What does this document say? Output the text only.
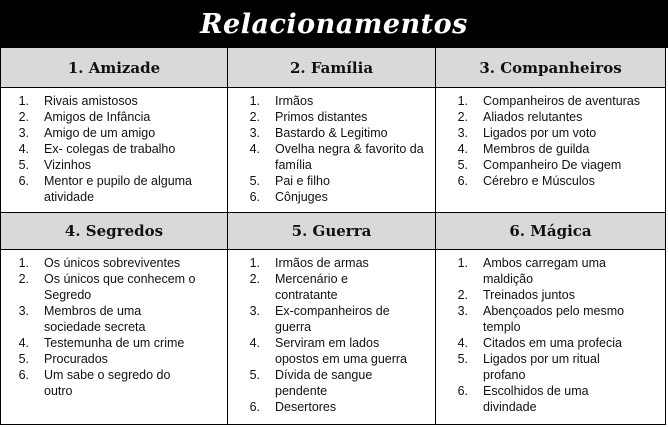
Relacionamentos
1. Amizade	2. Família	3. Companheiros
1.	Rivais amistosos
2.	Amigos de Infância
3.	Amigo de um amigo
4.	Ex- colegas de trabalho
5.	Vizinhos
6.	Mentor e pupilo de alguma atividade
1.	Irmãos
2.	Primos distantes
3.	Bastardo & Legitimo
4.	Ovelha negra & favorito da família
5.	Pai e filho
6.	Cônjuges
1.	Companheiros de aventuras
2.	Aliados relutantes
3.	Ligados por um voto
4.	Membros de guilda
5.	Companheiro De viagem
6.	Cérebro e Músculos
4. Segredos	5. Guerra	6. Mágica
1.	Os únicos sobreviventes
2.	Os únicos que conhecem o Segredo
3.	Membros de uma sociedade secreta
4.	Testemunha de um crime
5.	Procurados
6.	Um sabe o segredo do outro
1.	Irmãos de armas
2.	Mercenário e contratante
3.	Ex-companheiros de guerra
4.	Serviram em lados opostos em uma guerra
5.	Dívida de sangue pendente
6.	Desertores
1.	Ambos carregam uma maldição
2.	Treinados juntos
3.	Abençoados pelo mesmo templo
4.	Citados em uma profecia
5.	Ligados por um ritual profano
6.	Escolhidos de uma divindade
